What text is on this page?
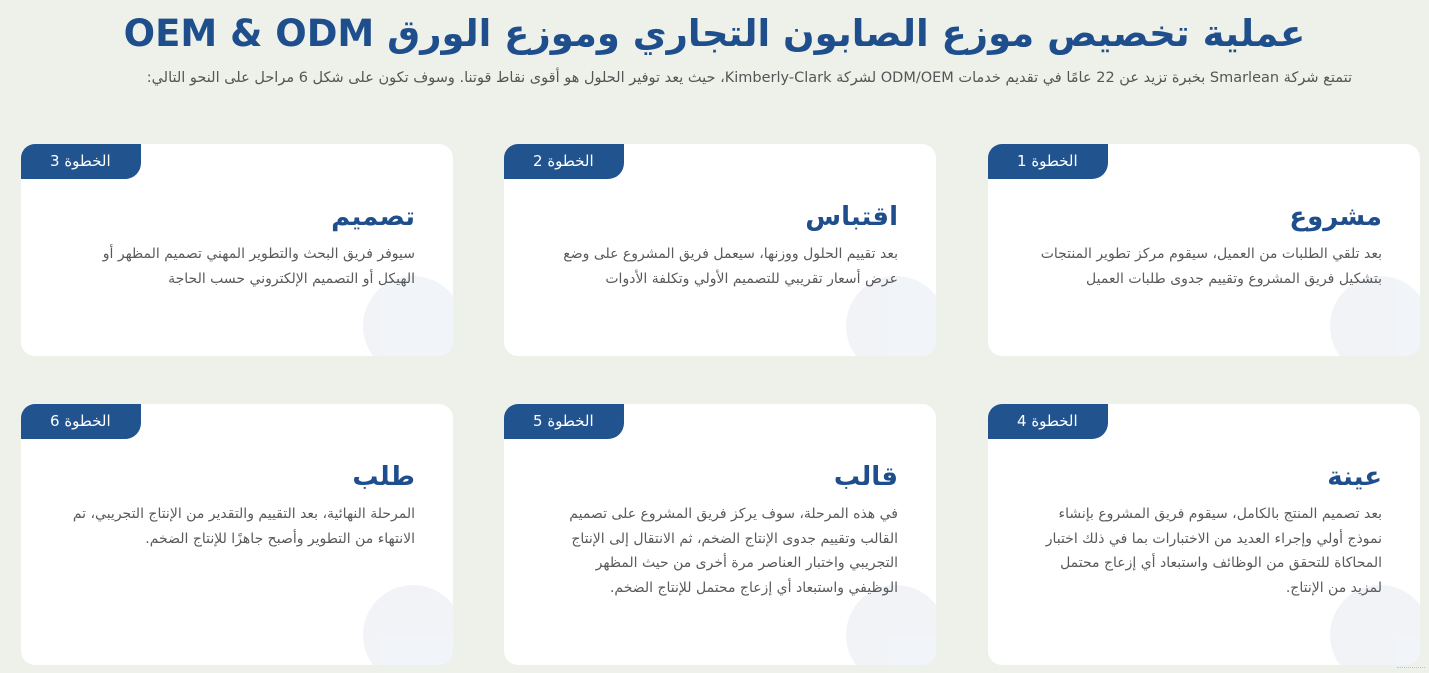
عملية تخصيص موزع الصابون التجاري وموزع الورق OEM & ODM
تتمتع شركة Smarlean بخبرة تزيد عن 22 عامًا في تقديم خدمات ODM/OEM لشركة Kimberly-Clark، حيث يعد توفير الحلول هو أقوى نقاط قوتنا. وسوف تكون على شكل 6 مراحل على النحو التالي:
الخطوة 1
مشروع
بعد تلقي الطلبات من العميل، سيقوم مركز تطوير المنتجات بتشكيل فريق المشروع وتقييم جدوى طلبات العميل
الخطوة 2
اقتباس
بعد تقييم الحلول ووزنها، سيعمل فريق المشروع على وضع عرض أسعار تقريبي للتصميم الأولي وتكلفة الأدوات
الخطوة 3
تصميم
سيوفر فريق البحث والتطوير المهني تصميم المظهر أو الهيكل أو التصميم الإلكتروني حسب الحاجة
الخطوة 4
عينة
بعد تصميم المنتج بالكامل، سيقوم فريق المشروع بإنشاء نموذج أولي وإجراء العديد من الاختبارات بما في ذلك اختبار المحاكاة للتحقق من الوظائف واستبعاد أي إزعاج محتمل لمزيد من الإنتاج.
الخطوة 5
قالب
في هذه المرحلة، سوف يركز فريق المشروع على تصميم القالب وتقييم جدوى الإنتاج الضخم، ثم الانتقال إلى الإنتاج التجريبي واختبار العناصر مرة أخرى من حيث المظهر الوظيفي واستبعاد أي إزعاج محتمل للإنتاج الضخم.
الخطوة 6
طلب
المرحلة النهائية، بعد التقييم والتقدير من الإنتاج التجريبي، تم الانتهاء من التطوير وأصبح جاهزًا للإنتاج الضخم.
